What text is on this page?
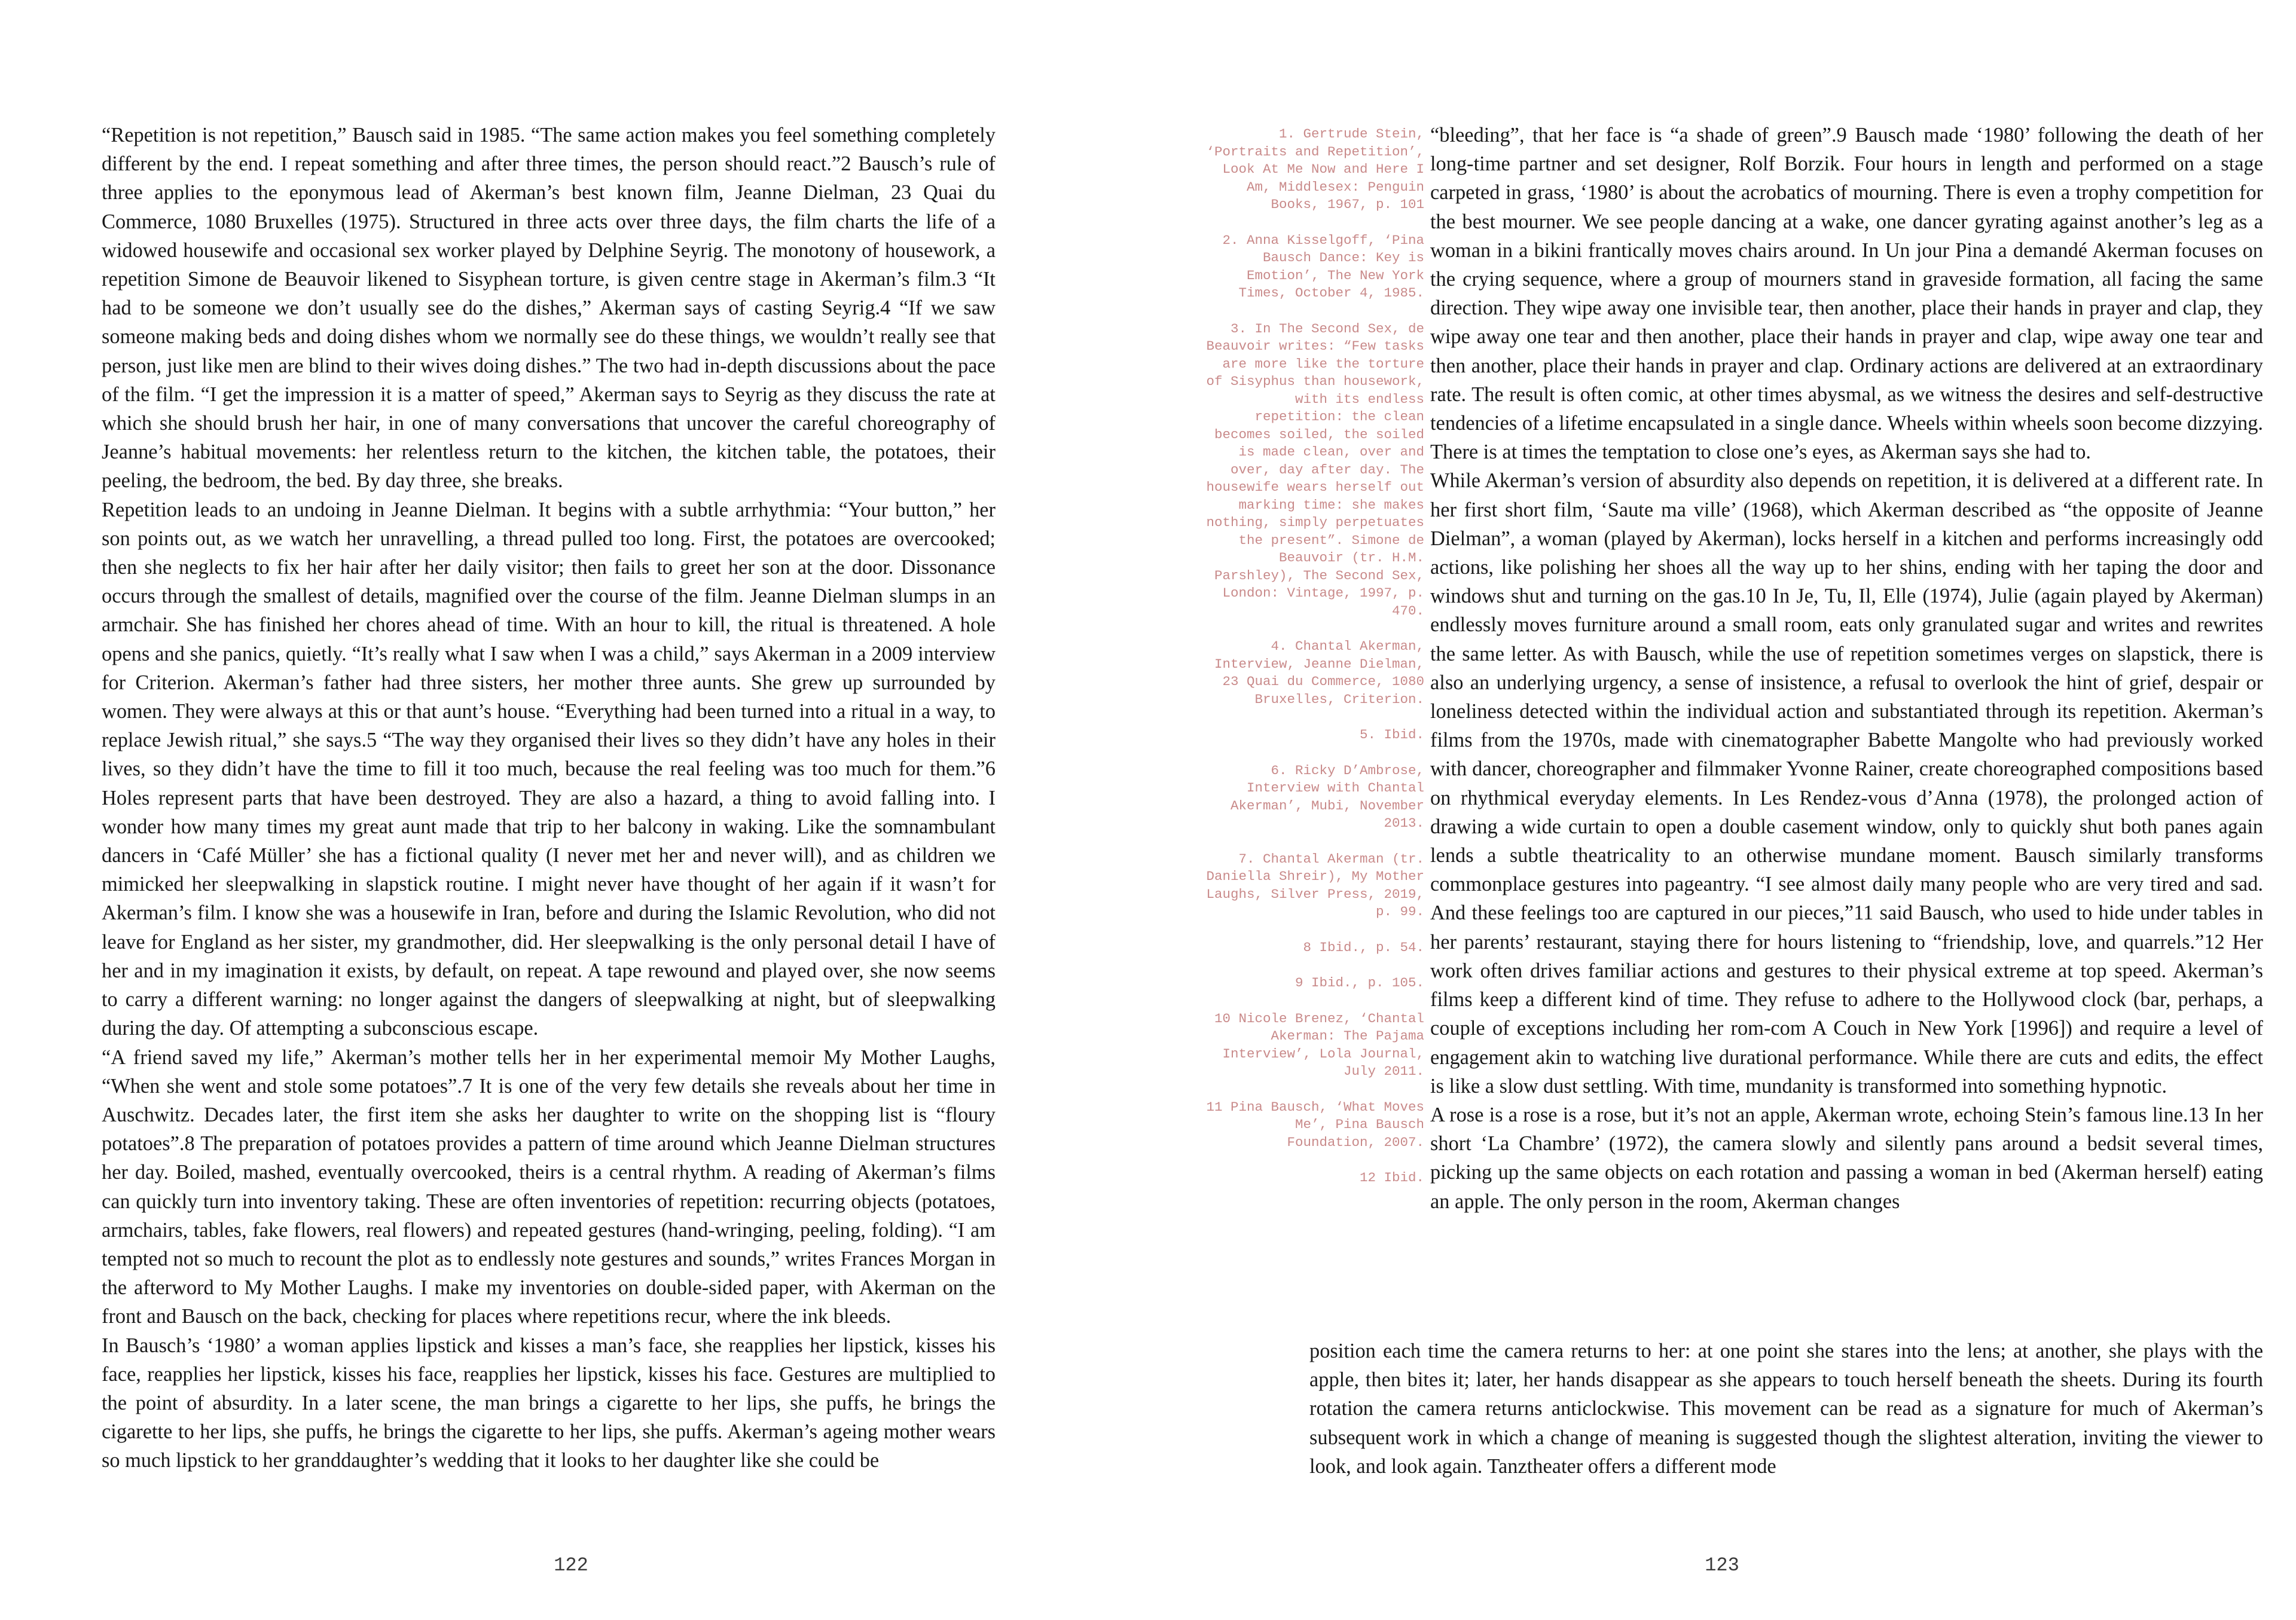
“Repetition is not repetition,” Bausch said in 1985. “The same action makes you feel something completely different by the end. I repeat something and after three times, the person should react.”2 Bausch’s rule of three applies to the eponymous lead of Akerman’s best known film, Jeanne Dielman, 23 Quai du Commerce, 1080 Bruxelles (1975). Structured in three acts over three days, the film charts the life of a widowed housewife and occasional sex worker played by Delphine Seyrig. The monotony of housework, a repetition Simone de Beauvoir likened to Sisyphean torture, is given centre stage in Akerman’s film.3 “It had to be someone we don’t usually see do the dishes,” Akerman says of casting Seyrig.4 “If we saw someone making beds and doing dishes whom we normally see do these things, we wouldn’t really see that person, just like men are blind to their wives doing dishes.” The two had in-depth discussions about the pace of the film. “I get the impression it is a matter of speed,” Akerman says to Seyrig as they discuss the rate at which she should brush her hair, in one of many conversations that uncover the careful choreography of Jeanne’s habitual movements: her relentless return to the kitchen, the kitchen table, the potatoes, their peeling, the bedroom, the bed. By day three, she breaks.

Repetition leads to an undoing in Jeanne Dielman. It begins with a subtle arrhythmia: “Your button,” her son points out, as we watch her unravelling, a thread pulled too long. First, the potatoes are overcooked; then she neglects to fix her hair after her daily visitor; then fails to greet her son at the door. Dissonance occurs through the smallest of details, magnified over the course of the film. Jeanne Dielman slumps in an armchair. She has finished her chores ahead of time. With an hour to kill, the ritual is threatened. A hole opens and she panics, quietly. “It’s really what I saw when I was a child,” says Akerman in a 2009 interview for Criterion. Akerman’s father had three sisters, her mother three aunts. She grew up surrounded by women. They were always at this or that aunt’s house. “Everything had been turned into a ritual in a way, to replace Jewish ritual,” she says.5 “The way they organised their lives so they didn’t have any holes in their lives, so they didn’t have the time to fill it too much, because the real feeling was too much for them.”6 Holes represent parts that have been destroyed. They are also a hazard, a thing to avoid falling into. I wonder how many times my great aunt made that trip to her balcony in waking. Like the somnambulant dancers in ‘Café Müller’ she has a fictional quality (I never met her and never will), and as children we mimicked her sleepwalking in slapstick routine. I might never have thought of her again if it wasn’t for Akerman’s film. I know she was a housewife in Iran, before and during the Islamic Revolution, who did not leave for England as her sister, my grandmother, did. Her sleepwalking is the only personal detail I have of her and in my imagination it exists, by default, on repeat. A tape rewound and played over, she now seems to carry a different warning: no longer against the dangers of sleepwalking at night, but of sleepwalking during the day. Of attempting a subconscious escape.

“A friend saved my life,” Akerman’s mother tells her in her experimental memoir My Mother Laughs, “When she went and stole some potatoes”.7 It is one of the very few details she reveals about her time in Auschwitz. Decades later, the first item she asks her daughter to write on the shopping list is “floury potatoes”.8 The preparation of potatoes provides a pattern of time around which Jeanne Dielman structures her day. Boiled, mashed, eventually overcooked, theirs is a central rhythm. A reading of Akerman’s films can quickly turn into inventory taking. These are often inventories of repetition: recurring objects (potatoes, armchairs, tables, fake flowers, real flowers) and repeated gestures (hand-wringing, peeling, folding). “I am tempted not so much to recount the plot as to endlessly note gestures and sounds,” writes Frances Morgan in the afterword to My Mother Laughs. I make my inventories on double-sided paper, with Akerman on the front and Bausch on the back, checking for places where repetitions recur, where the ink bleeds.

In Bausch’s ‘1980’ a woman applies lipstick and kisses a man’s face, she reapplies her lipstick, kisses his face, reapplies her lipstick, kisses his face, reapplies her lipstick, kisses his face. Gestures are multiplied to the point of absurdity. In a later scene, the man brings a cigarette to her lips, she puffs, he brings the cigarette to her lips, she puffs, he brings the cigarette to her lips, she puffs. Akerman’s ageing mother wears so much lipstick to her granddaughter’s wedding that it looks to her daughter like she could be

122

1. Gertrude Stein, ‘Portraits and Repetition’, Look At Me Now and Here I Am, Middlesex: Penguin Books, 1967, p. 101

2. Anna Kisselgoff, ‘Pina Bausch Dance: Key is Emotion’, The New York Times, October 4, 1985.

3. In The Second Sex, de Beauvoir writes: “Few tasks are more like the torture of Sisyphus than housework, with its endless repetition: the clean becomes soiled, the soiled is made clean, over and over, day after day. The housewife wears herself out marking time: she makes nothing, simply perpetuates the present”. Simone de Beauvoir (tr. H.M. Parshley), The Second Sex, London: Vintage, 1997, p. 470.

4. Chantal Akerman, Interview, Jeanne Dielman, 23 Quai du Commerce, 1080 Bruxelles, Criterion.

5. Ibid.

6. Ricky D’Ambrose, Interview with Chantal Akerman’, Mubi, November 2013.

7. Chantal Akerman (tr. Daniella Shreir), My Mother Laughs, Silver Press, 2019, p. 99.

8 Ibid., p. 54.

9 Ibid., p. 105.

10 Nicole Brenez, ‘Chantal Akerman: The Pajama Interview’, Lola Journal, July 2011.

11 Pina Bausch, ‘What Moves Me’, Pina Bausch Foundation, 2007.

12 Ibid.

“bleeding”, that her face is “a shade of green”.9 Bausch made ‘1980’ following the death of her long-time partner and set designer, Rolf Borzik. Four hours in length and performed on a stage carpeted in grass, ‘1980’ is about the acrobatics of mourning. There is even a trophy competition for the best mourner. We see people dancing at a wake, one dancer gyrating against another’s leg as a woman in a bikini frantically moves chairs around. In Un jour Pina a demandé Akerman focuses on the crying sequence, where a group of mourners stand in graveside formation, all facing the same direction. They wipe away one invisible tear, then another, place their hands in prayer and clap, they wipe away one tear and then another, place their hands in prayer and clap, wipe away one tear and then another, place their hands in prayer and clap. Ordinary actions are delivered at an extraordinary rate. The result is often comic, at other times abysmal, as we witness the desires and self-destructive tendencies of a lifetime encapsulated in a single dance. Wheels within wheels soon become dizzying. There is at times the temptation to close one’s eyes, as Akerman says she had to.

While Akerman’s version of absurdity also depends on repetition, it is delivered at a different rate. In her first short film, ‘Saute ma ville’ (1968), which Akerman described as “the opposite of Jeanne Dielman”, a woman (played by Akerman), locks herself in a kitchen and performs increasingly odd actions, like polishing her shoes all the way up to her shins, ending with her taping the door and windows shut and turning on the gas.10 In Je, Tu, Il, Elle (1974), Julie (again played by Akerman) endlessly moves furniture around a small room, eats only granulated sugar and writes and rewrites the same letter. As with Bausch, while the use of repetition sometimes verges on slapstick, there is also an underlying urgency, a sense of insistence, a refusal to overlook the hint of grief, despair or loneliness detected within the individual action and substantiated through its repetition. Akerman’s films from the 1970s, made with cinematographer Babette Mangolte who had previously worked with dancer, choreographer and filmmaker Yvonne Rainer, create choreographed compositions based on rhythmical everyday elements. In Les Rendez-vous d’Anna (1978), the prolonged action of drawing a wide curtain to open a double casement window, only to quickly shut both panes again lends a subtle theatricality to an otherwise mundane moment. Bausch similarly transforms commonplace gestures into pageantry. “I see almost daily many people who are very tired and sad. And these feelings too are captured in our pieces,”11 said Bausch, who used to hide under tables in her parents’ restaurant, staying there for hours listening to “friendship, love, and quarrels.”12 Her work often drives familiar actions and gestures to their physical extreme at top speed. Akerman’s films keep a different kind of time. They refuse to adhere to the Hollywood clock (bar, perhaps, a couple of exceptions including her rom-com A Couch in New York [1996]) and require a level of engagement akin to watching live durational performance. While there are cuts and edits, the effect is like a slow dust settling. With time, mundanity is transformed into something hypnotic.

A rose is a rose is a rose, but it’s not an apple, Akerman wrote, echoing Stein’s famous line.13 In her short ‘La Chambre’ (1972), the camera slowly and silently pans around a bedsit several times, picking up the same objects on each rotation and passing a woman in bed (Akerman herself) eating an apple. The only person in the room, Akerman changes

position each time the camera returns to her: at one point she stares into the lens; at another, she plays with the apple, then bites it; later, her hands disappear as she appears to touch herself beneath the sheets. During its fourth rotation the camera returns anticlockwise. This movement can be read as a signature for much of Akerman’s subsequent work in which a change of meaning is suggested though the slightest alteration, inviting the viewer to look, and look again. Tanztheater offers a different mode

123
